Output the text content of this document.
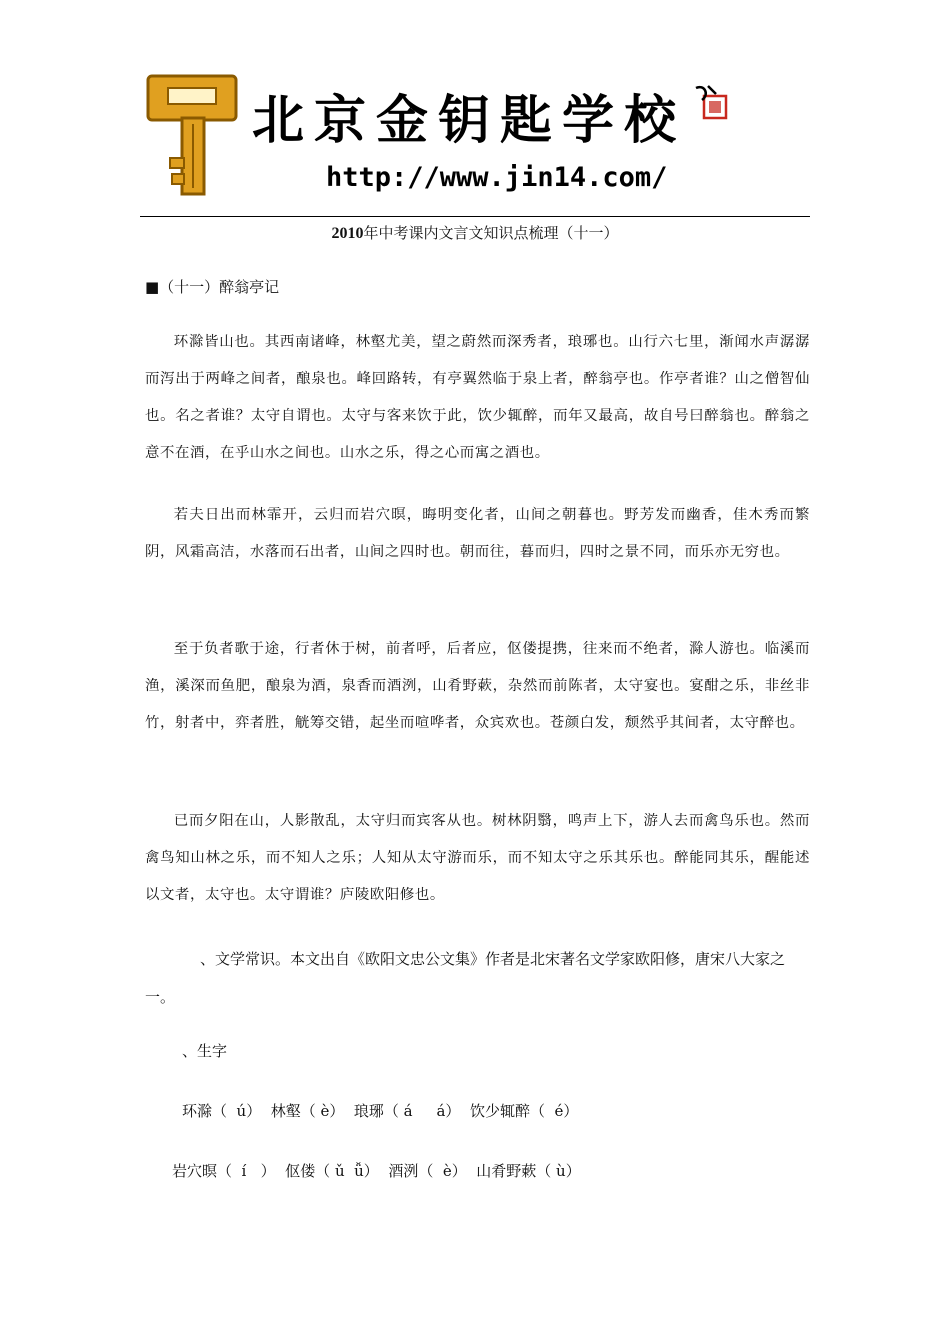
北京金钥匙学校
http://www.jin14.com/
2010年中考课内文言文知识点梳理（十一）
■（十一）醉翁亭记

环滁皆山也。其西南诸峰，林壑尤美，望之蔚然而深秀者，琅琊也。山行六七里，渐闻水声潺潺而泻出于两峰之间者，酿泉也。峰回路转，有亭翼然临于泉上者，醉翁亭也。作亭者谁？山之僧智仙也。名之者谁？太守自谓也。太守与客来饮于此，饮少辄醉，而年又最高，故自号曰醉翁也。醉翁之意不在酒，在乎山水之间也。山水之乐，得之心而寓之酒也。

若夫日出而林霏开，云归而岩穴暝，晦明变化者，山间之朝暮也。野芳发而幽香，佳木秀而繁阴，风霜高洁，水落而石出者，山间之四时也。朝而往，暮而归，四时之景不同，而乐亦无穷也。

至于负者歌于途，行者休于树，前者呼，后者应，伛偻提携，往来而不绝者，滁人游也。临溪而渔，溪深而鱼肥，酿泉为酒，泉香而酒洌，山肴野蔌，杂然而前陈者，太守宴也。宴酣之乐，非丝非竹，射者中，弈者胜，觥筹交错，起坐而喧哗者，众宾欢也。苍颜白发，颓然乎其间者，太守醉也。

已而夕阳在山，人影散乱，太守归而宾客从也。树林阴翳，鸣声上下，游人去而禽鸟乐也。然而禽鸟知山林之乐，而不知人之乐；人知从太守游而乐，而不知太守之乐其乐也。醉能同其乐，醒能述以文者，太守也。太守谓谁？庐陵欧阳修也。

、文学常识。本文出自《欧阳文忠公文集》作者是北宋著名文学家欧阳修，唐宋八大家之一。
、生字
环滁（  ú）  林壑（ è）  琅琊（ á     á）  饮少辄醉（  é）
岩穴暝（  í   ）  伛偻（ ǔ  ǚ）  酒洌（  è）  山肴野蔌（ ù）
